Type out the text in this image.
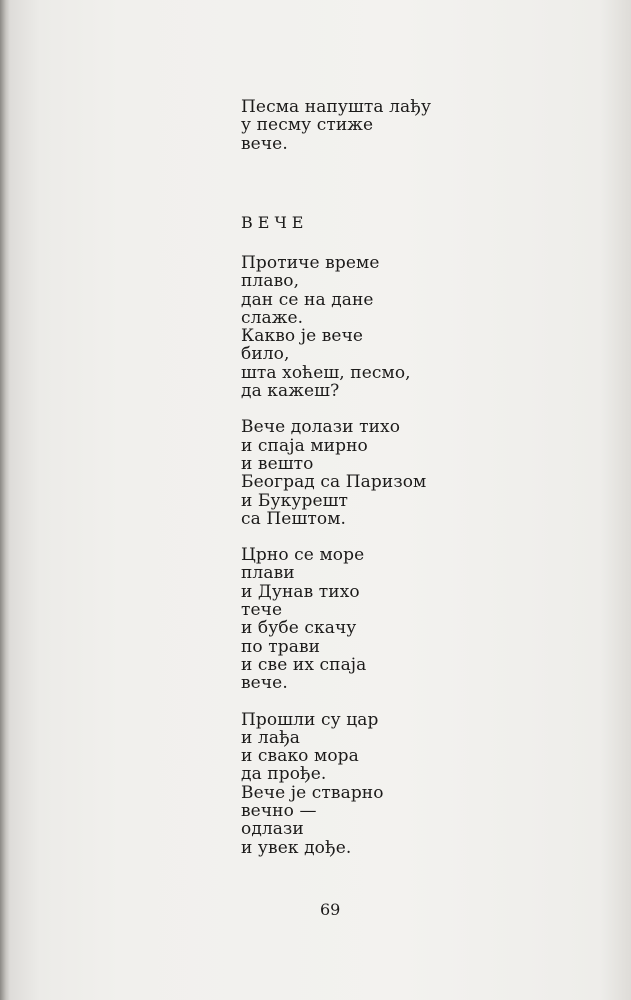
Песма напушта лађу
у песму стиже
вече.
ВЕЧЕ
Протиче време
плаво,
дан се на дане
слаже.
Какво је вече
било,
шта хоћеш, песмо,
да кажеш?
Вече долази тихо
и спаја мирно
и вешто
Београд са Паризом
и Букурешт
са Пештом.
Црно се море
плави
и Дунав тихо
тече
и бубе скачу
по трави
и све их спаја
вече.
Прошли су цар
и лађа
и свако мора
да прође.
Вече је стварно
вечно —
одлази
и увек дође.
69
